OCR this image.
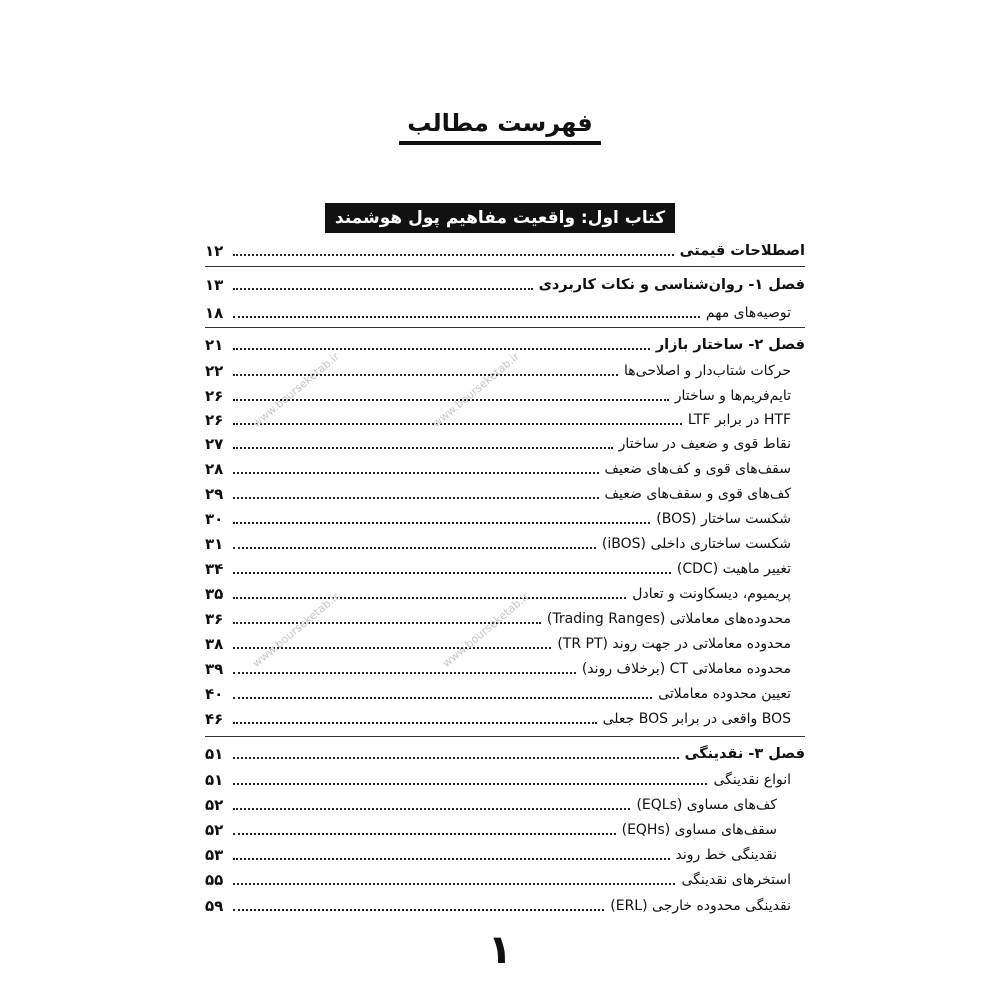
فهرست مطالب
کتاب اول: واقعیت مفاهیم پول هوشمند
اصطلاحات قیمتی
۱۲
فصل ۱- روان‌شناسی و نکات کاربردی
۱۳
توصیه‌های مهم
۱۸
فصل ۲- ساختار بازار
۲۱
حرکات شتاب‌دار و اصلاحی‌ها
۲۲
تایم‌فریم‌ها و ساختار
۲۶
HTF در برابر LTF
۲۶
نقاط قوی و ضعیف در ساختار
۲۷
سقف‌های قوی و کف‌های ضعیف
۲۸
کف‌های قوی و سقف‌های ضعیف
۲۹
شکست ساختار (BOS)
۳۰
شکست ساختاری داخلی (iBOS)
۳۱
تغییر ماهیت (CDC)
۳۴
پریمیوم، دیسکاونت و تعادل
۳۵
محدوده‌های معاملاتی (Trading Ranges)
۳۶
محدوده معاملاتی در جهت روند (TR PT)
۳۸
محدوده معاملاتی CT (برخلاف روند)
۳۹
تعیین محدوده معاملاتی
۴۰
BOS واقعی در برابر BOS جعلی
۴۶
فصل ۳- نقدینگی
۵۱
انواع نقدینگی
۵۱
کف‌های مساوی (EQLs)
۵۲
سقف‌های مساوی (EQHs)
۵۲
نقدینگی خط روند
۵۳
استخرهای نقدینگی
۵۵
نقدینگی محدوده خارجی (ERL)
۵۹
۱
www.bourseketab.ir	www.bourseketab.ir
www.bourseketab.ir	www.bourseketab.ir
